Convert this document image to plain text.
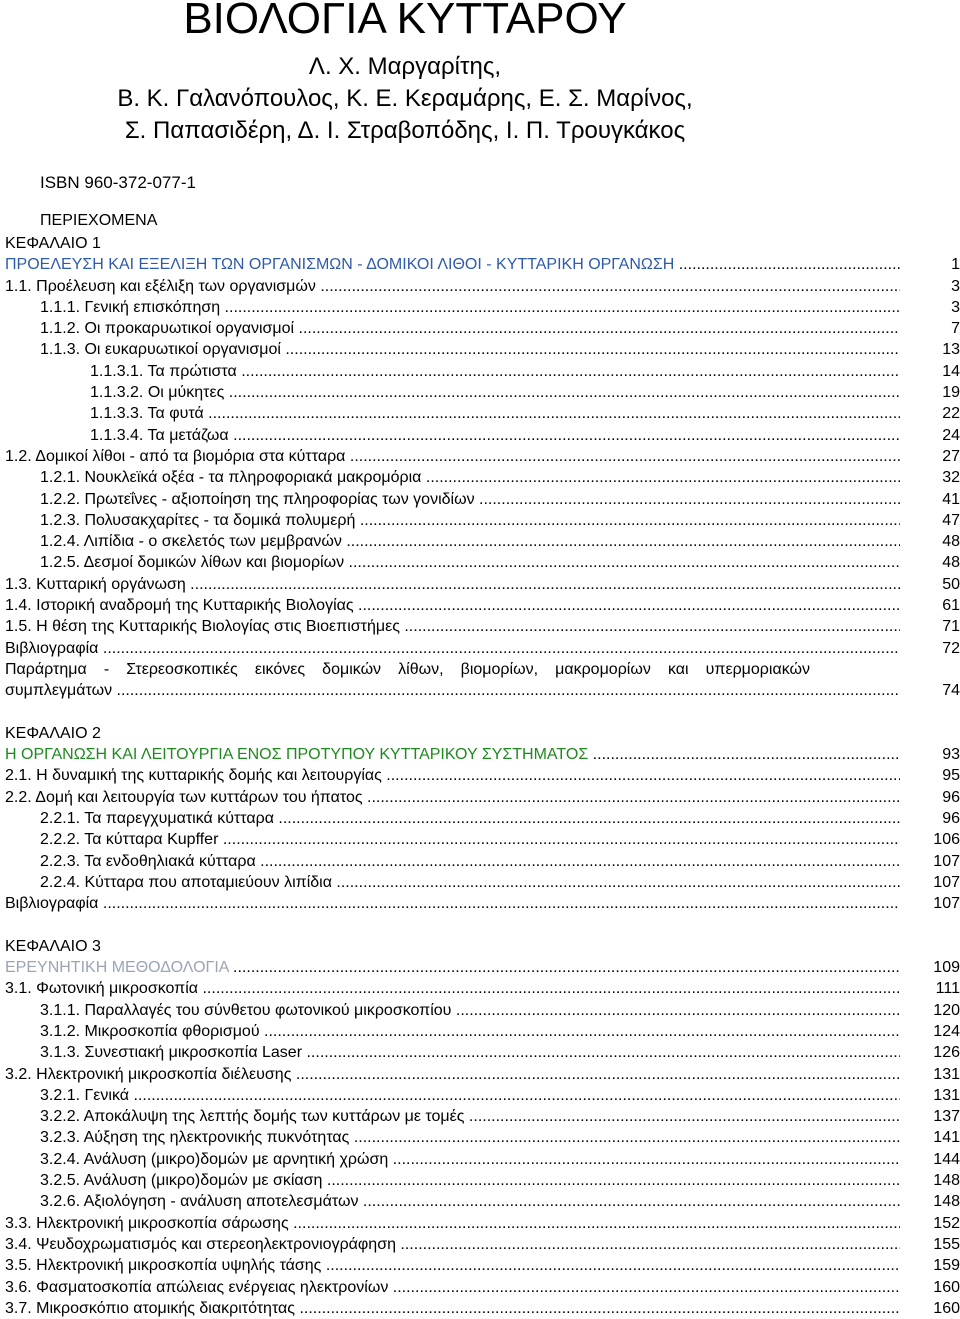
ΒΙΟΛΟΓΙΑ ΚΥΤΤΑΡΟΥ
Λ. Χ. Μαργαρίτης,
Β. Κ. Γαλανόπουλος, Κ. Ε. Κεραμάρης, Ε. Σ. Μαρίνος,
Σ. Παπασιδέρη, Δ. Ι. Στραβοπόδης, Ι. Π. Τρουγκάκος
ISBN 960-372-077-1
ΠΕΡΙΕΧΟΜΕΝΑ
ΚΕΦΑΛΑΙΟ 1
ΠΡΟΕΛΕΥΣΗ ΚΑΙ ΕΞΕΛΙΞΗ ΤΩΝ ΟΡΓΑΝΙΣΜΩΝ - ΔΟΜΙΚΟΙ ΛΙΘΟΙ - ΚΥΤΤΑΡΙΚΗ ΟΡΓΑΝΩΣΗ .....	1
1.1. Προέλευση και εξέλιξη των οργανισμών .....	3
1.1.1. Γενική επισκόπηση .....	3
1.1.2. Οι προκαρυωτικοί οργανισμοί .....	7
1.1.3. Οι ευκαρυωτικοί οργανισμοί .....	13
1.1.3.1. Τα πρώτιστα .....	14
1.1.3.2. Οι μύκητες .....	19
1.1.3.3. Τα φυτά .....	22
1.1.3.4. Τα μετάζωα .....	24
1.2. Δομικοί λίθοι - από τα βιομόρια στα κύτταρα .....	27
1.2.1. Νουκλεϊκά οξέα - τα πληροφοριακά μακρομόρια .....	32
1.2.2. Πρωτεΐνες - αξιοποίηση της πληροφορίας των γονιδίων .....	41
1.2.3. Πολυσακχαρίτες - τα δομικά πολυμερή .....	47
1.2.4. Λιπίδια - ο σκελετός των μεμβρανών .....	48
1.2.5. Δεσμοί δομικών λίθων και βιομορίων .....	48
1.3. Κυτταρική οργάνωση .....	50
1.4. Ιστορική αναδρομή της Κυτταρικής Βιολογίας .....	61
1.5. Η θέση της Κυτταρικής Βιολογίας στις Βιοεπιστήμες .....	71
Βιβλιογραφία .....	72
Παράρτημα - Στερεοσκοπικές εικόνες δομικών λίθων, βιομορίων, μακρομορίων και υπερμοριακών
συμπλεγμάτων .....	74
ΚΕΦΑΛΑΙΟ 2
Η ΟΡΓΑΝΩΣΗ ΚΑΙ ΛΕΙΤΟΥΡΓΙΑ ΕΝΟΣ ΠΡΟΤΥΠΟΥ ΚΥΤΤΑΡΙΚΟΥ ΣΥΣΤΗΜΑΤΟΣ .....	93
2.1. Η δυναμική της κυτταρικής δομής και λειτουργίας .....	95
2.2. Δομή και λειτουργία των κυττάρων του ήπατος .....	96
2.2.1. Τα παρεγχυματικά κύτταρα .....	96
2.2.2. Τα κύτταρα Kupffer .....	106
2.2.3. Τα ενδοθηλιακά κύτταρα .....	107
2.2.4. Κύτταρα που αποταμιεύουν λιπίδια .....	107
Βιβλιογραφία .....	107
ΚΕΦΑΛΑΙΟ 3
ΕΡΕΥΝΗΤΙΚΗ ΜΕΘΟΔΟΛΟΓΙΑ .....	109
3.1. Φωτονική μικροσκοπία .....	111
3.1.1. Παραλλαγές του σύνθετου φωτονικού μικροσκοπίου .....	120
3.1.2. Μικροσκοπία φθορισμού .....	124
3.1.3. Συνεστιακή μικροσκοπία Laser .....	126
3.2. Ηλεκτρονική μικροσκοπία διέλευσης .....	131
3.2.1. Γενικά .....	131
3.2.2. Αποκάλυψη της λεπτής δομής των κυττάρων με τομές .....	137
3.2.3. Αύξηση της ηλεκτρονικής πυκνότητας .....	141
3.2.4. Ανάλυση (μικρο)δομών με αρνητική χρώση .....	144
3.2.5. Ανάλυση (μικρο)δομών με σκίαση .....	148
3.2.6. Αξιολόγηση - ανάλυση αποτελεσμάτων .....	148
3.3. Ηλεκτρονική μικροσκοπία σάρωσης .....	152
3.4. Ψευδοχρωματισμός και στερεοηλεκτρονιογράφηση .....	155
3.5. Ηλεκτρονική μικροσκοπία υψηλής τάσης .....	159
3.6. Φασματοσκοπία απώλειας ενέργειας ηλεκτρονίων .....	160
3.7. Μικροσκόπιο ατομικής διακριτότητας .....	160
